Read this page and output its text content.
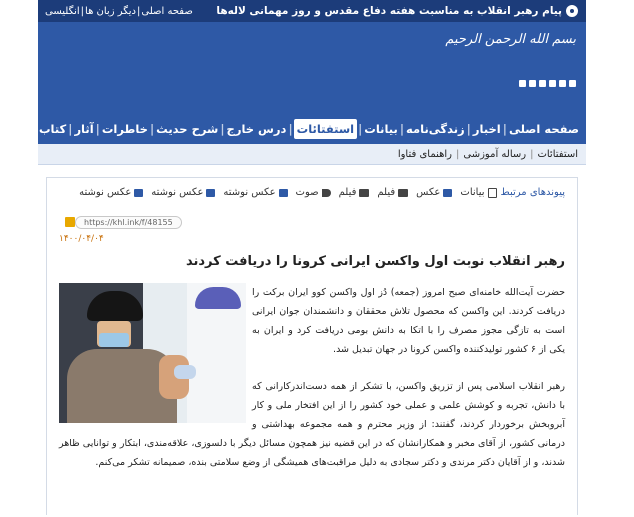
پیام رهبر انقلاب به مناسبت هفته دفاع مقدس و روز مهمانی لاله‌ها
صفحه اصلی|دیگر زبان ها|انگلیسی
بسم الله الرحمن الرحیم
صفحه اصلی
|
اخبار
|
زندگی‌نامه
|
بیانات
|
استفتائات
|
درس خارج
|
شرح حدیث
|
خاطرات
|
آثار
|
کتاب
|
عکس
استفتائات
|
رساله آموزشی
|
راهنمای فتاوا
پیوندهای مرتبط
بیانات
عکس
فیلم
فیلم
صوت
عکس نوشته
عکس نوشته
عکس نوشته
https://khl.ink/f/48155
۱۴۰۰/۰۴/۰۴
رهبر انقلاب نوبت اول واکسن ایرانی کرونا را دریافت کردند

حضرت آیت‌الله خامنه‌ای صبح امروز (جمعه) دُز اول واکسن کوو ایران برکت را دریافت کردند. این واکسن که محصول تلاش محققان و دانشمندان جوان ایرانی است به تازگی مجوز مصرف را با اتکا به دانش بومی دریافت کرد و ایران به یکی از ۶ کشور تولیدکننده واکسن کرونا در جهان تبدیل شد.

رهبر انقلاب اسلامی پس از تزریق واکسن، با تشکر از همه دست‌اندرکارانی که با دانش، تجربه و کوشش علمی و عملی خود کشور را از این افتخار ملی و کار آبروبخش برخوردار کردند، گفتند: از وزیر محترم و همه مجموعه بهداشتی و درمانی کشور، از آقای مخبر و همکارانشان که در این قضیه نیز همچون مسائل دیگر با دلسوزی، علاقه‌مندی، ابتکار و توانایی ظاهر شدند، و از آقایان دکتر مرندی و دکتر سجادی به دلیل مراقبت‌های همیشگی از وضع سلامتی بنده، صمیمانه تشکر می‌کنم.
